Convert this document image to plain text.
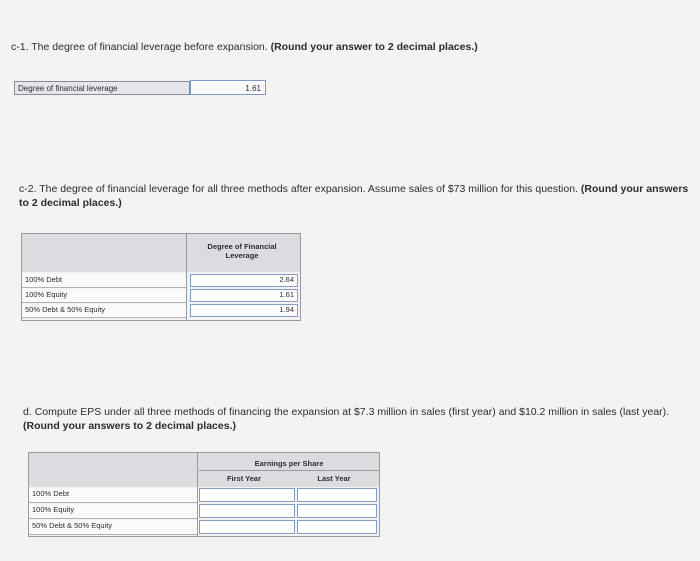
c-1. The degree of financial leverage before expansion. (Round your answer to 2 decimal places.)
Degree of financial leverage	1.61
c-2. The degree of financial leverage for all three methods after expansion. Assume sales of $73 million for this question. (Round your answers to 2 decimal places.)
Degree of Financial Leverage
100% Debt
100% Equity
50% Debt & 50% Equity
2.64
1.61
1.94
d. Compute EPS under all three methods of financing the expansion at $7.3 million in sales (first year) and $10.2 million in sales (last year). (Round your answers to 2 decimal places.)
Earnings per Share
First Year	Last Year
100% Debt
100% Equity
50% Debt & 50% Equity
